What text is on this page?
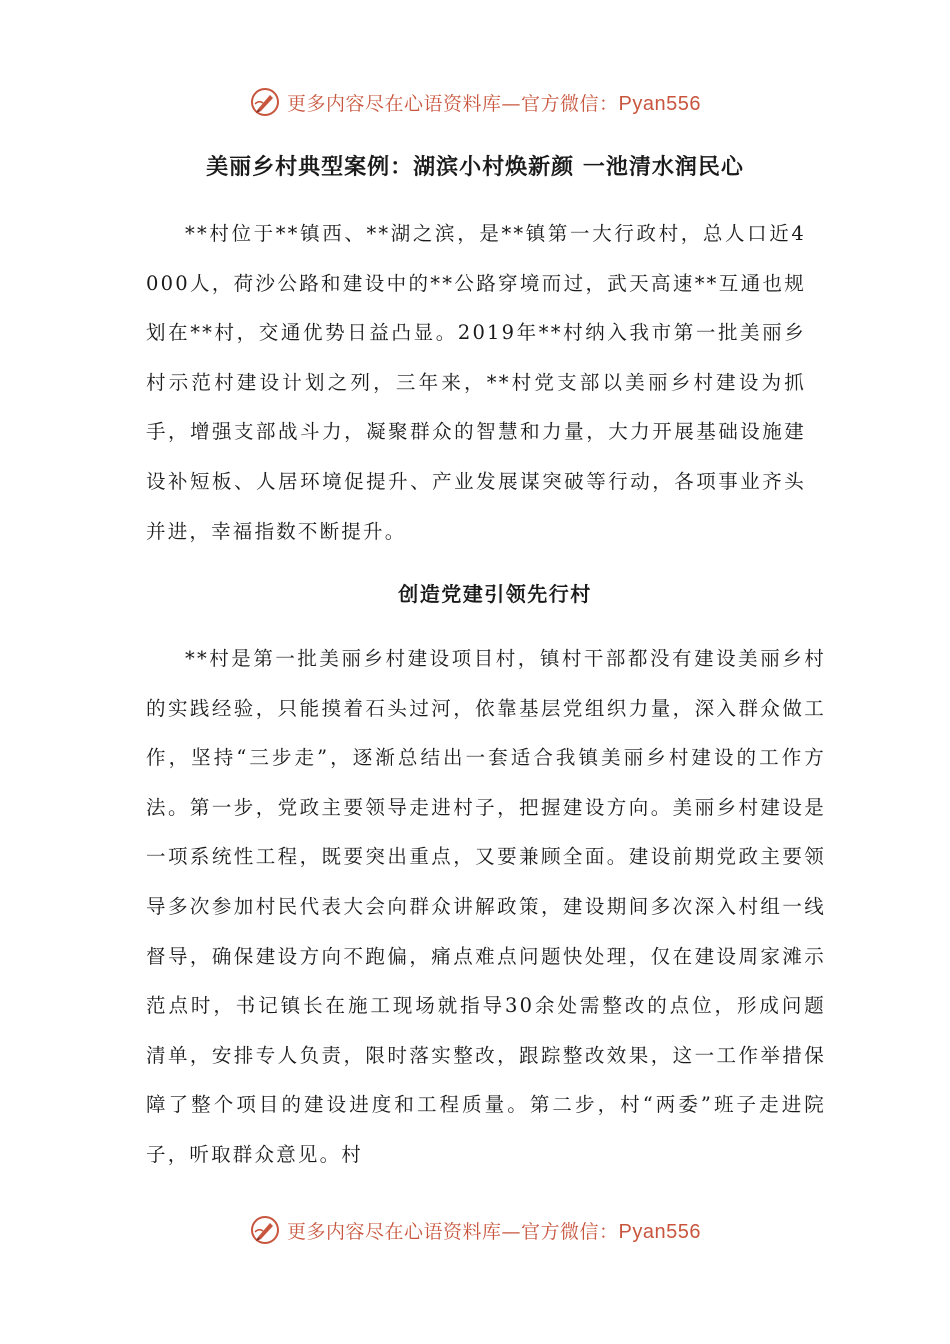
更多内容尽在心语资料库—官方微信：Pyan556
美丽乡村典型案例：湖滨小村焕新颜 一池清水润民心

**村位于**镇西、**湖之滨，是**镇第一大行政村，总人口近4000人，荷沙公路和建设中的**公路穿境而过，武天高速**互通也规划在**村，交通优势日益凸显。2019年**村纳入我市第一批美丽乡村示范村建设计划之列，三年来，**村党支部以美丽乡村建设为抓手，增强支部战斗力，凝聚群众的智慧和力量，大力开展基础设施建设补短板、人居环境促提升、产业发展谋突破等行动，各项事业齐头并进，幸福指数不断提升。

创造党建引领先行村

**村是第一批美丽乡村建设项目村，镇村干部都没有建设美丽乡村的实践经验，只能摸着石头过河，依靠基层党组织力量，深入群众做工作，坚持“三步走”，逐渐总结出一套适合我镇美丽乡村建设的工作方法。第一步，党政主要领导走进村子，把握建设方向。美丽乡村建设是一项系统性工程，既要突出重点，又要兼顾全面。建设前期党政主要领导多次参加村民代表大会向群众讲解政策，建设期间多次深入村组一线督导，确保建设方向不跑偏，痛点难点问题快处理，仅在建设周家滩示范点时，书记镇长在施工现场就指导30余处需整改的点位，形成问题清单，安排专人负责，限时落实整改，跟踪整改效果，这一工作举措保障了整个项目的建设进度和工程质量。第二步，村“两委”班子走进院子，听取群众意见。村

更多内容尽在心语资料库—官方微信：Pyan556
